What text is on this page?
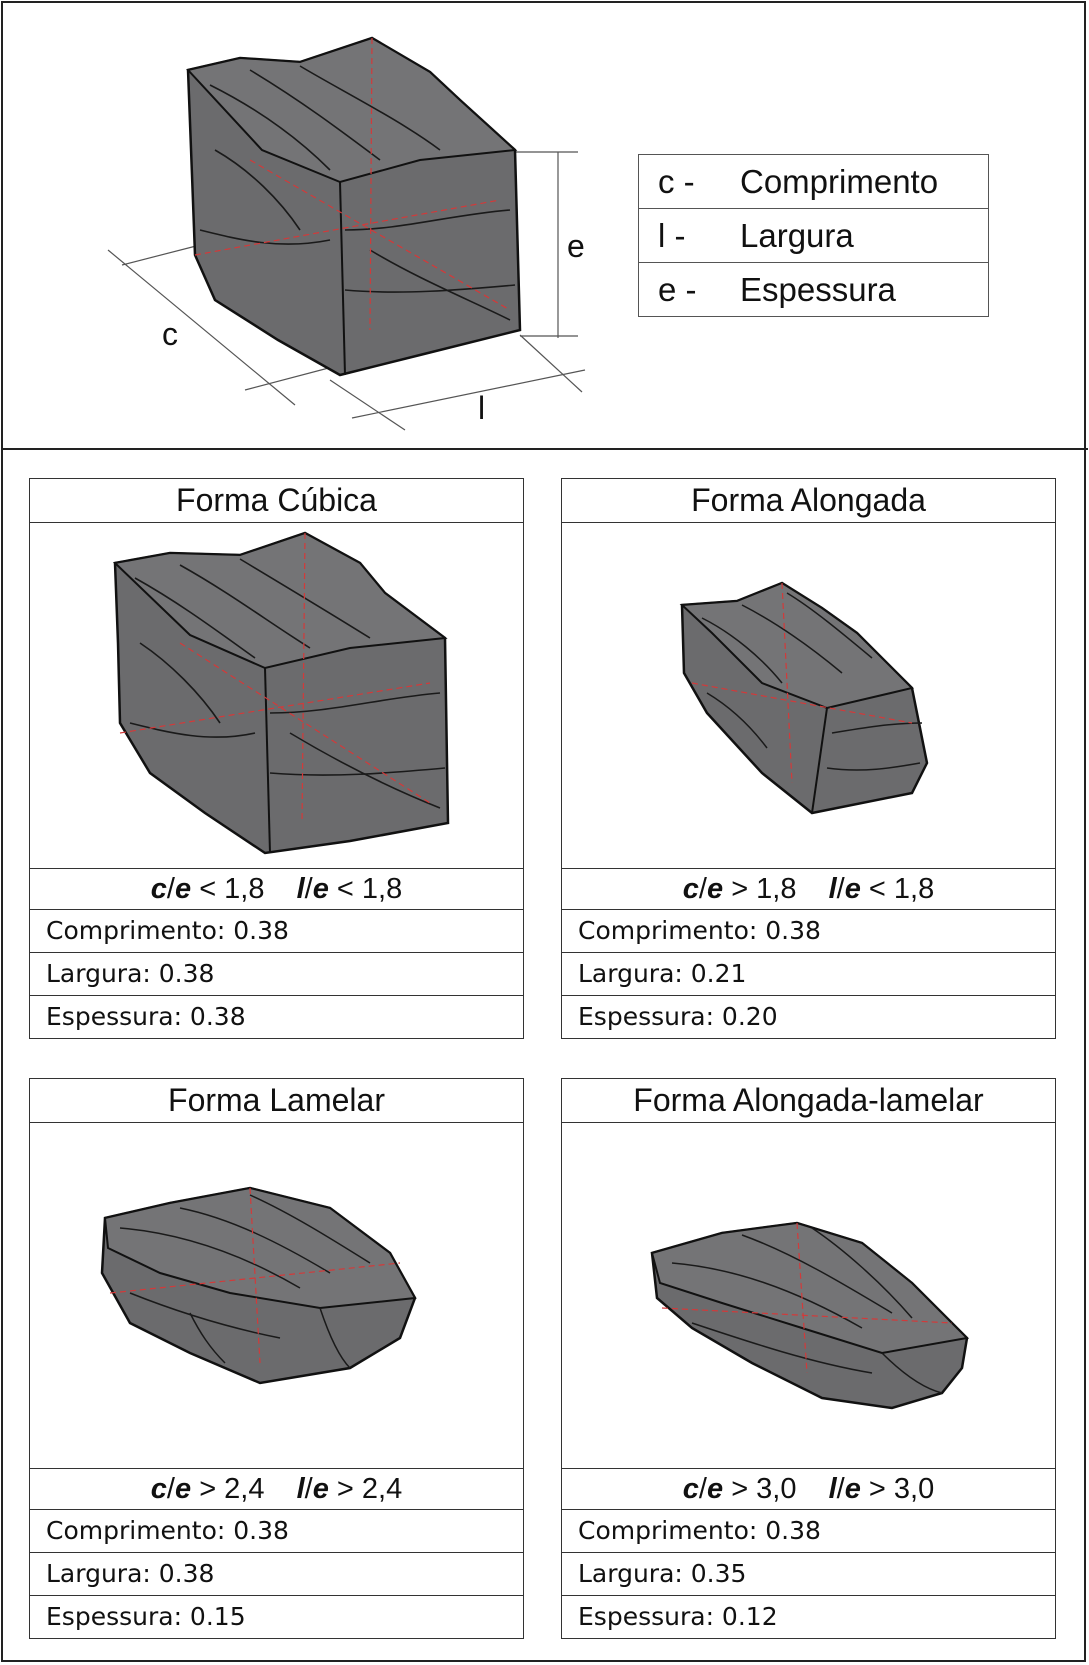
c
l
e
c -	Comprimento

l -	Largura

e -	Espessura
Forma Cúbica
c/e < 1,8 l/e < 1,8
Comprimento: 0.38
Largura: 0.38
Espessura: 0.38
Forma Alongada
c/e > 1,8 l/e < 1,8
Comprimento: 0.38
Largura: 0.21
Espessura: 0.20
Forma Lamelar
c/e > 2,4 l/e > 2,4
Comprimento: 0.38
Largura: 0.38
Espessura: 0.15
Forma Alongada-lamelar
c/e > 3,0 l/e > 3,0
Comprimento: 0.38
Largura: 0.35
Espessura: 0.12
